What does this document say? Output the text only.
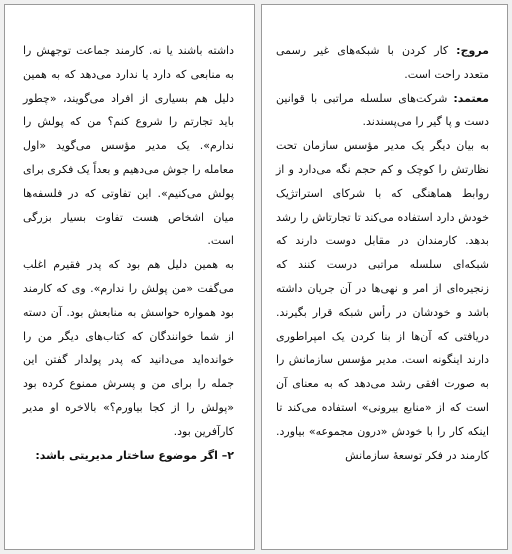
مروج: کار کردن با شبکه‌های غیر رسمی متعدد راحت است.

معتمد: شرکت‌های سلسله مراتبی با قوانین دست و پا گیر را می‌پسندند.

به بیان دیگر یک مدیر مؤسس سازمان تحت نظارتش را کوچک و کم حجم نگه می‌دارد و از روابط هماهنگی که با شرکای استراتژیک خودش دارد استفاده می‌کند تا تجارتاش را رشد بدهد. کارمندان در مقابل دوست دارند که شبکه‌ای سلسله مراتبی درست کنند که زنجیره‌ای از امر و نهی‌ها در آن جریان داشته باشد و خودشان در رأس شبکه قرار بگیرند. دریافتی که آن‌ها از بنا کردن یک امپراطوری دارند اینگونه است. مدیر مؤسس سازمانش را به صورت افقی رشد می‌دهد که به معنای آن است که از «منابع بیرونی» استفاده می‌کند تا اینکه کار را با خودش «درون مجموعه» بیاورد. کارمند در فکر توسعهٔ سازمانش

داشته باشند یا نه. کارمند جماعت توجهش را به منابعی که دارد یا ندارد می‌دهد که به همین دلیل هم بسیاری از افراد می‌گویند، «چطور باید تجارتم را شروع کنم؟ من که پولش را ندارم». یک مدیر مؤسس می‌گوید «اول معامله را جوش می‌دهیم و بعداً یک فکری برای پولش می‌کنیم». این تفاوتی که در فلسفه‌ها میان اشخاص هست تفاوت بسیار بزرگی است.

به همین دلیل هم بود که پدر فقیرم اغلب می‌گفت «من پولش را ندارم». وی که کارمند بود همواره حواسش به منابعش بود. آن دسته از شما خوانندگان که کتاب‌های دیگر من را خوانده‌اید می‌دانید که پدر پولدار گفتن این جمله را برای من و پسرش ممنوع کرده بود «پولش را از کجا بیاورم؟» بالاخره او مدیر کارآفرین بود.

۲– اگر موضوع ساختار مدیریتی باشد:
